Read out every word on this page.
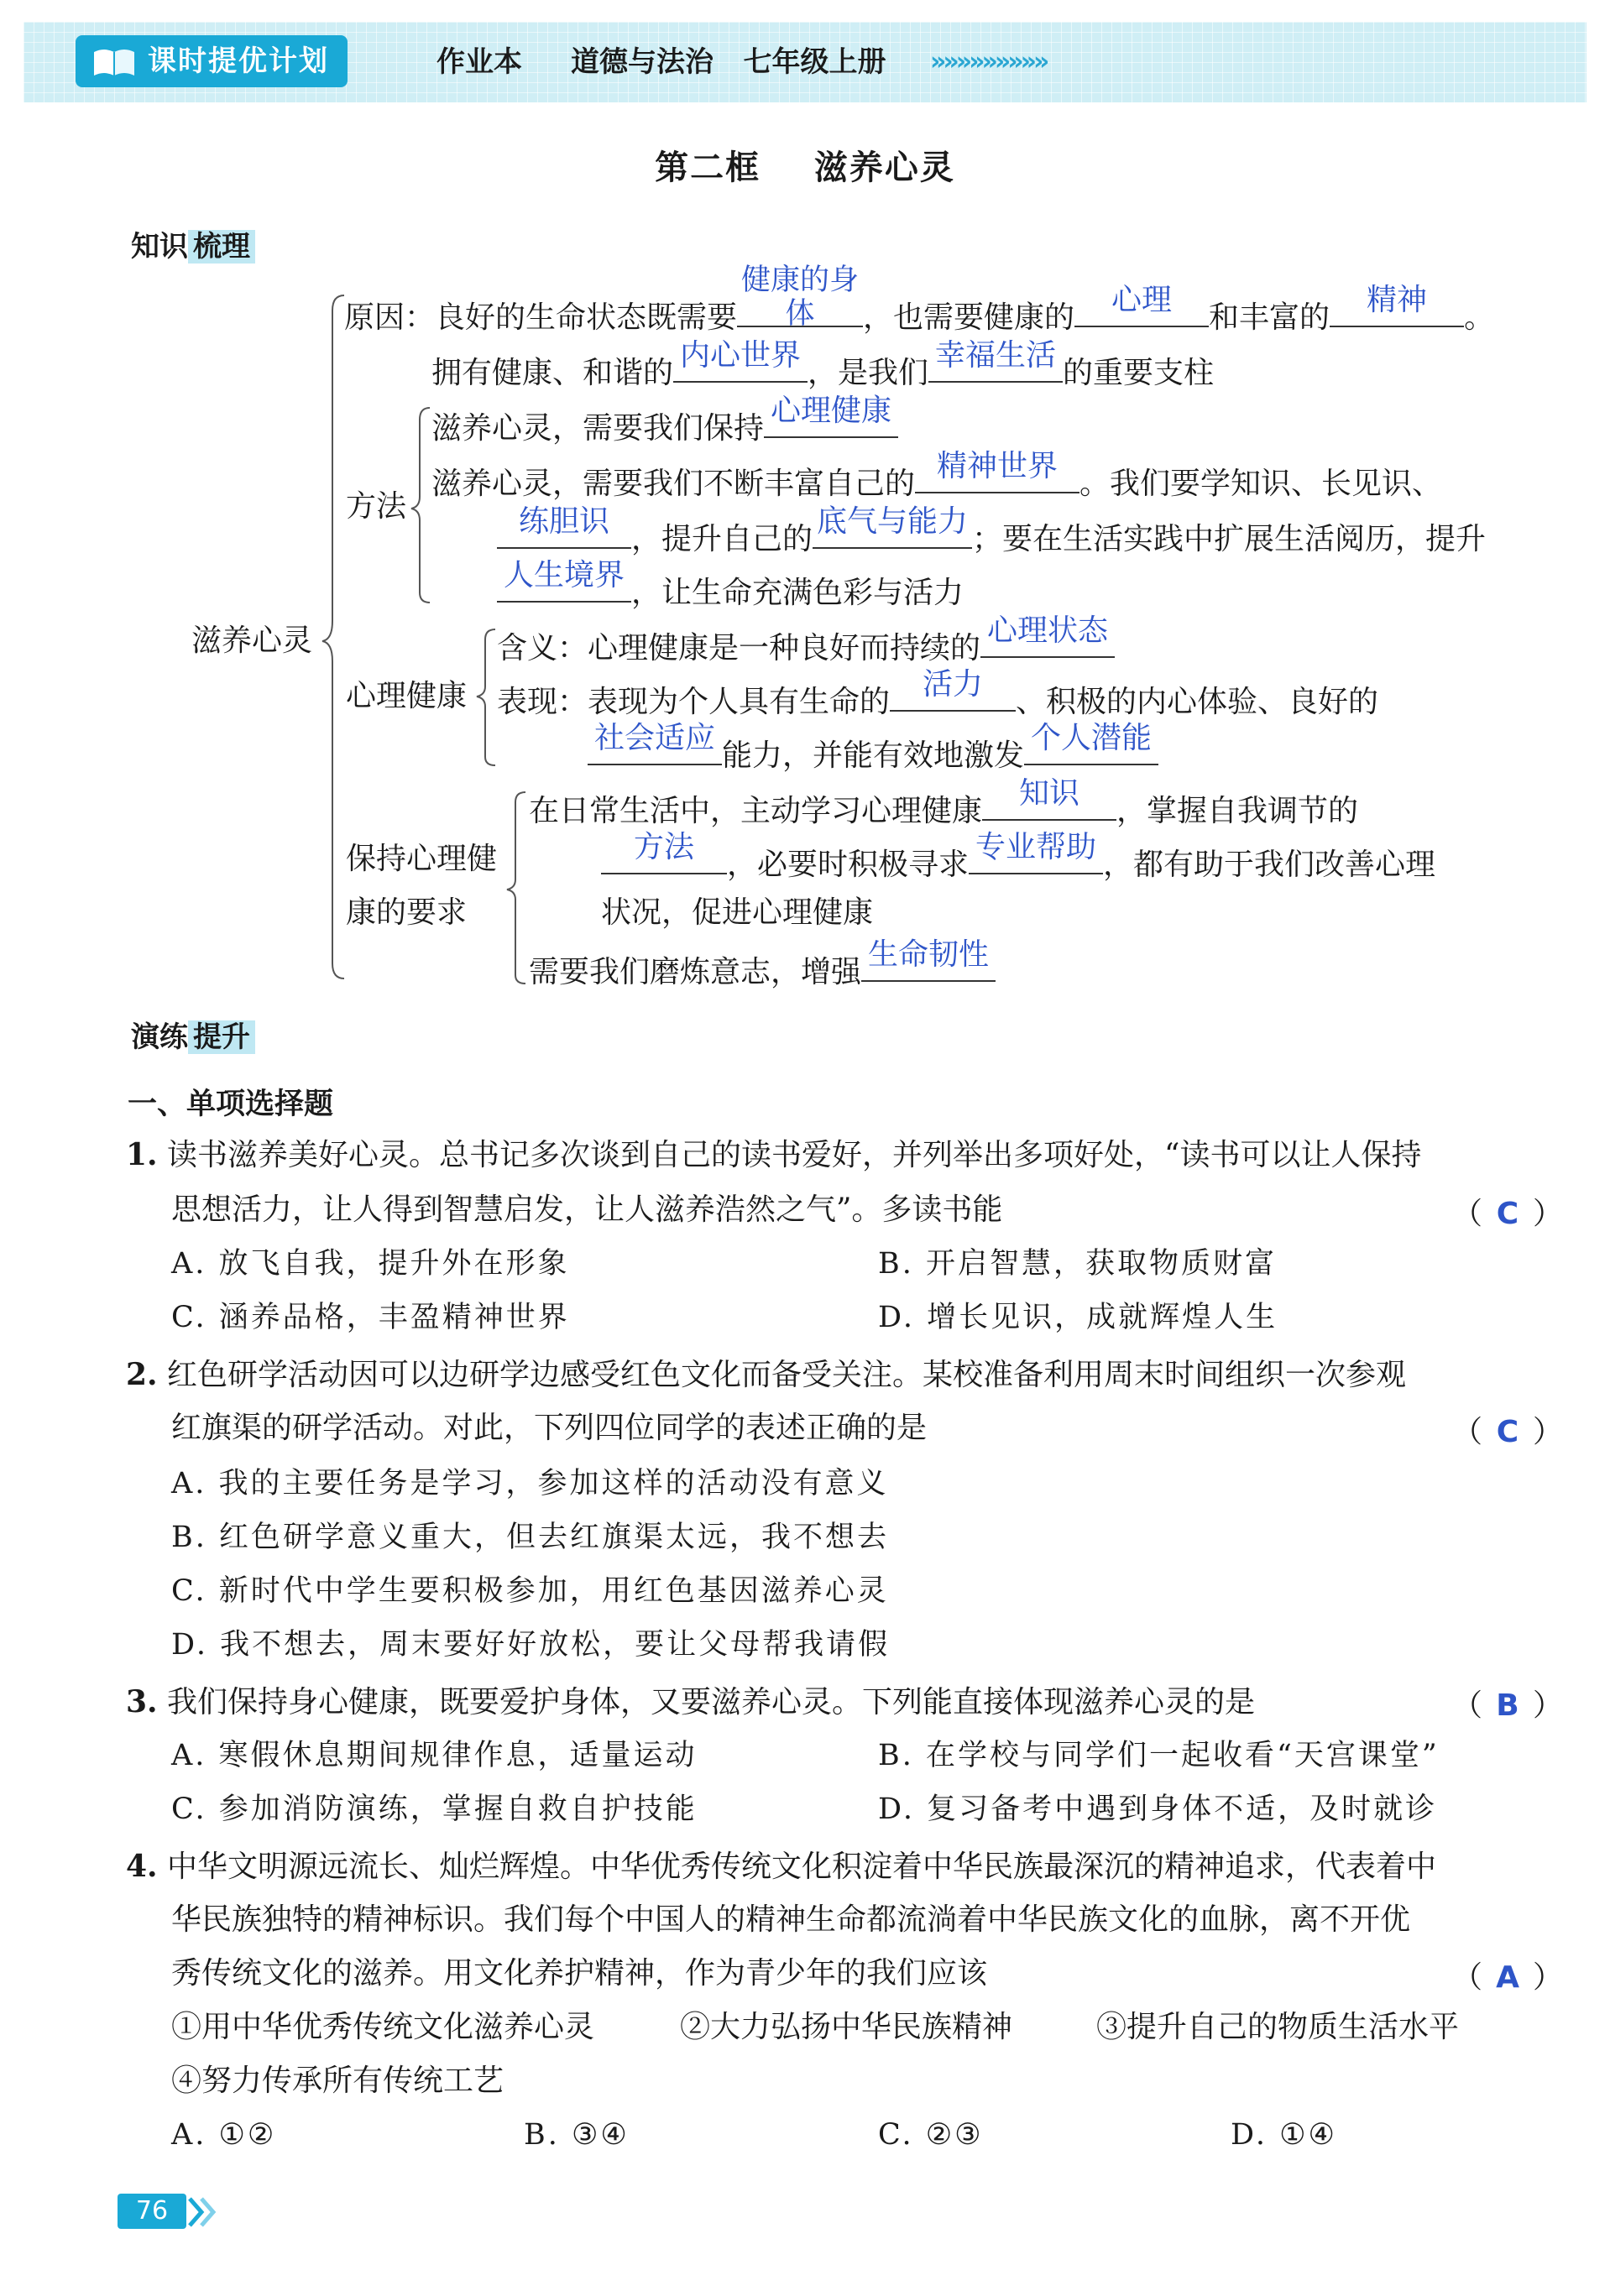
课时提优计划	作业本 道德与法治   七年级上册 »»»»»»»»»
第二框    滋养心灵
知识 梳理
滋养心灵
原因：良好的生命状态既需要
健康的身体	，也需要健康的
心理
和丰富的
精神
。
拥有健康、和谐的
内心世界
，是我们
幸福生活
的重要支柱
方法
滋养心灵，需要我们保持
心理健康
滋养心灵，需要我们不断丰富自己的
精神世界
。我们要学知识、长见识、
练胆识
，提升自己的
底气与能力
；要在生活实践中扩展生活阅历，提升
人生境界
，让生命充满色彩与活力
心理健康
含义：心理健康是一种良好而持续的
心理状态
表现：表现为个人具有生命的
活力
、积极的内心体验、良好的
社会适应
能力，并能有效地激发
个人潜能
保持心理健
康的要求
在日常生活中，主动学习心理健康
知识
，掌握自我调节的
方法
，必要时积极寻求
专业帮助
，都有助于我们改善心理
状况，促进心理健康
需要我们磨炼意志，增强
生命韧性
演练 提升
一、单项选择题
1. 读书滋养美好心灵。总书记多次谈到自己的读书爱好，并列举出多项好处，“读书可以让人保持
思想活力，让人得到智慧启发，让人滋养浩然之气”。多读书能	（ C ）
A. 放飞自我，提升外在形象	B. 开启智慧，获取物质财富
C. 涵养品格，丰盈精神世界	D. 增长见识，成就辉煌人生
2. 红色研学活动因可以边研学边感受红色文化而备受关注。某校准备利用周末时间组织一次参观
红旗渠的研学活动。对此，下列四位同学的表述正确的是	（ C ）
A. 我的主要任务是学习，参加这样的活动没有意义
B. 红色研学意义重大，但去红旗渠太远，我不想去
C. 新时代中学生要积极参加，用红色基因滋养心灵
D. 我不想去，周末要好好放松，要让父母帮我请假
3. 我们保持身心健康，既要爱护身体，又要滋养心灵。下列能直接体现滋养心灵的是	（ B ）
A. 寒假休息期间规律作息，适量运动	B. 在学校与同学们一起收看“天宫课堂”
C. 参加消防演练，掌握自救自护技能	D. 复习备考中遇到身体不适，及时就诊
4. 中华文明源远流长、灿烂辉煌。中华优秀传统文化积淀着中华民族最深沉的精神追求，代表着中
华民族独特的精神标识。我们每个中国人的精神生命都流淌着中华民族文化的血脉，离不开优
秀传统文化的滋养。用文化养护精神，作为青少年的我们应该	（ A ）
①用中华优秀传统文化滋养心灵	②大力弘扬中华民族精神	③提升自己的物质生活水平
④努力传承所有传统工艺
A. ①②	B. ③④	C. ②③	D. ①④
76
